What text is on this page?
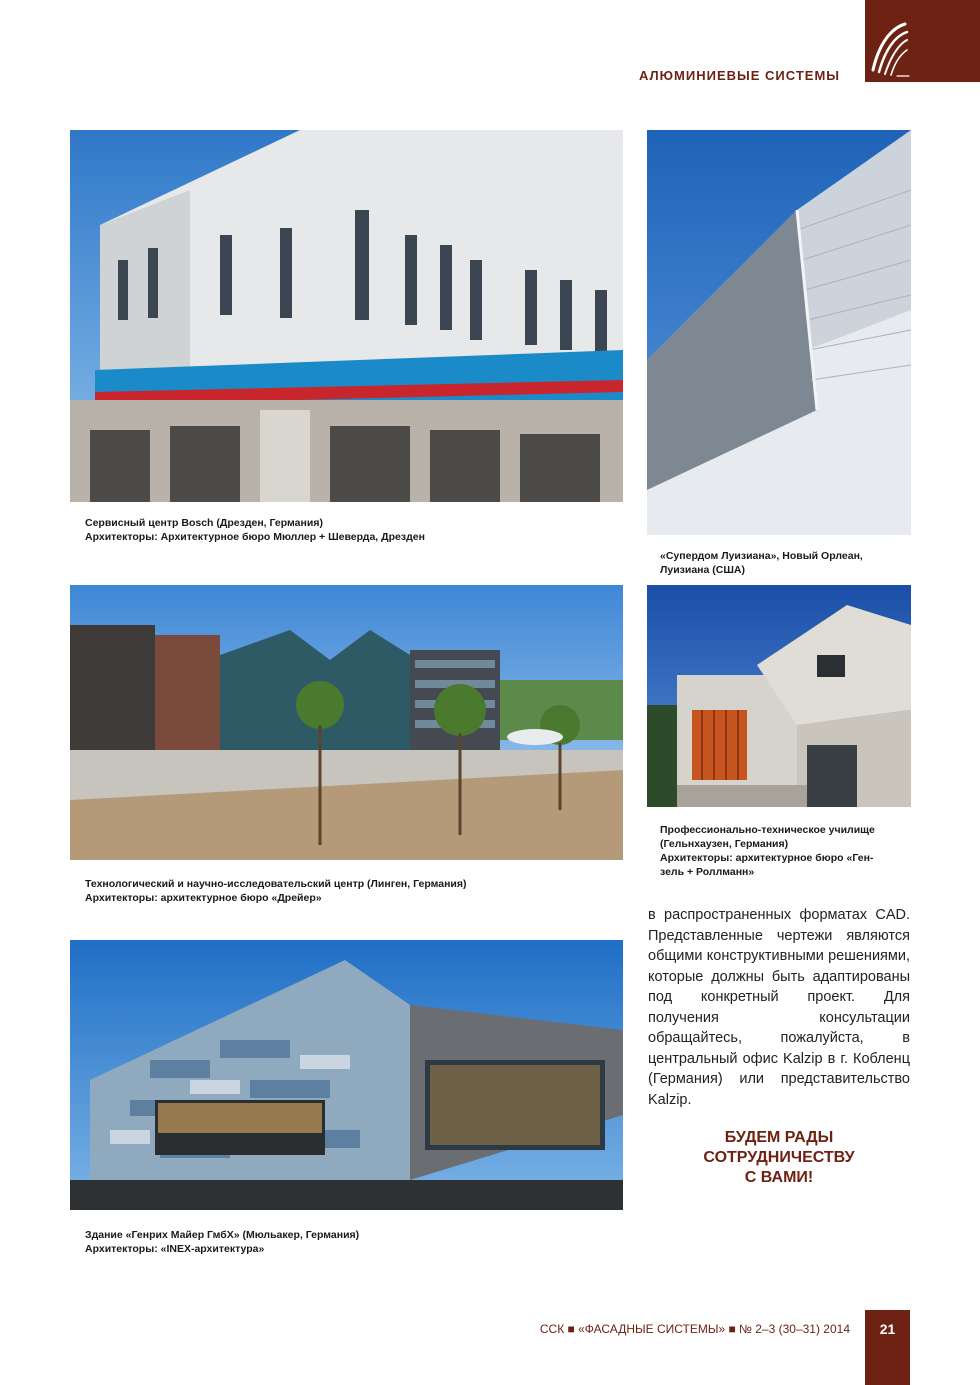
АЛЮМИНИЕВЫЕ СИСТЕМЫ
Сервисный центр Bosch (Дрезден, Германия)
Архитекторы: Архитектурное бюро Мюллер + Шеверда, Дрезден
«Супердом Луизиана», Новый Орлеан,
Луизиана (США)
Технологический и научно-исследовательский центр (Линген, Германия)
Архитекторы: архитектурное бюро «Дрейер»
Профессионально-техническое училище
(Гельнхаузен, Германия)
Архитекторы: архитектурное бюро «Ген-
зель + Роллманн»
в распространенных форматах CAD. Представленные чертежи являются общими конструктивными решениями, которые должны быть адаптированы под конкретный проект. Для получения консультации обращайтесь, пожалуйста, в центральный офис Kalzip в г. Кобленц (Германия) или представительство Kalzip.
Здание «Генрих Майер ГмбХ» (Мюльакер, Германия)
Архитекторы: «INEX-архитектура»
БУДЕМ РАДЫ
СОТРУДНИЧЕСТВУ
С ВАМИ!
ССК ■ «ФАСАДНЫЕ СИСТЕМЫ» ■ № 2–3 (30–31) 2014	21
